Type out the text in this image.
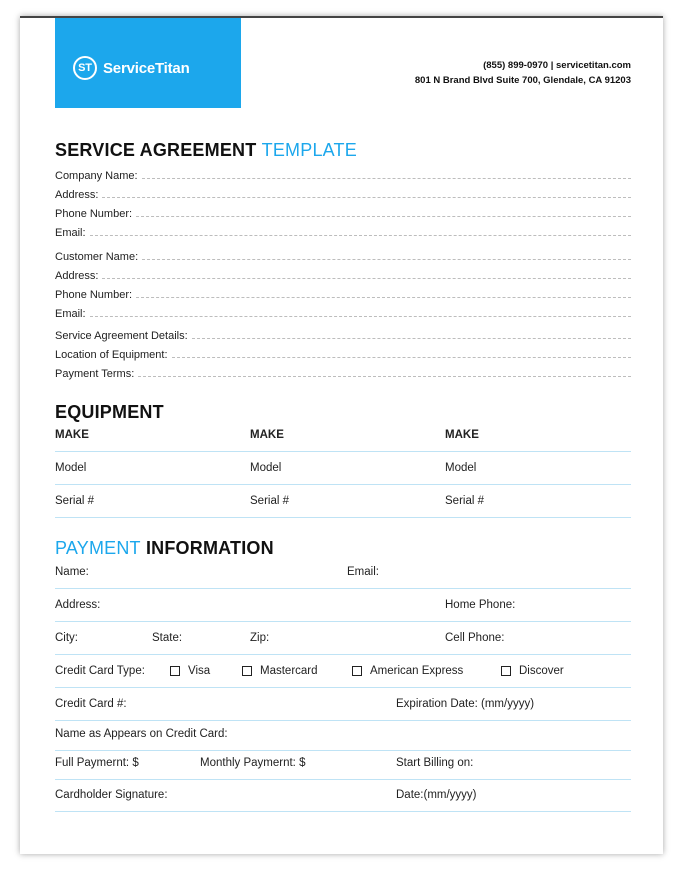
ST ServiceTitan	(855) 899-0970 | servicetitan.com
801 N Brand Blvd Suite 700, Glendale, CA 91203
SERVICE AGREEMENT TEMPLATE
Company Name:
Address:
Phone Number:
Email:
Customer Name:
Address:
Phone Number:
Email:
Service Agreement Details:
Location of Equipment:
Payment Terms:
EQUIPMENT
MAKE	MAKE	MAKE
Model	Model	Model
Serial #	Serial #	Serial #
PAYMENT INFORMATION
Name:	Email:
Address:	Home Phone:
City:	State:	Zip:	Cell Phone:
Credit Card Type:	Visa	Mastercard	American Express	Discover
Credit Card #:	Expiration Date: (mm/yyyy)
Name as Appears on Credit Card:
Full Paymernt: $	Monthly Paymernt: $	Start Billing on:
Cardholder Signature:	Date:(mm/yyyy)
